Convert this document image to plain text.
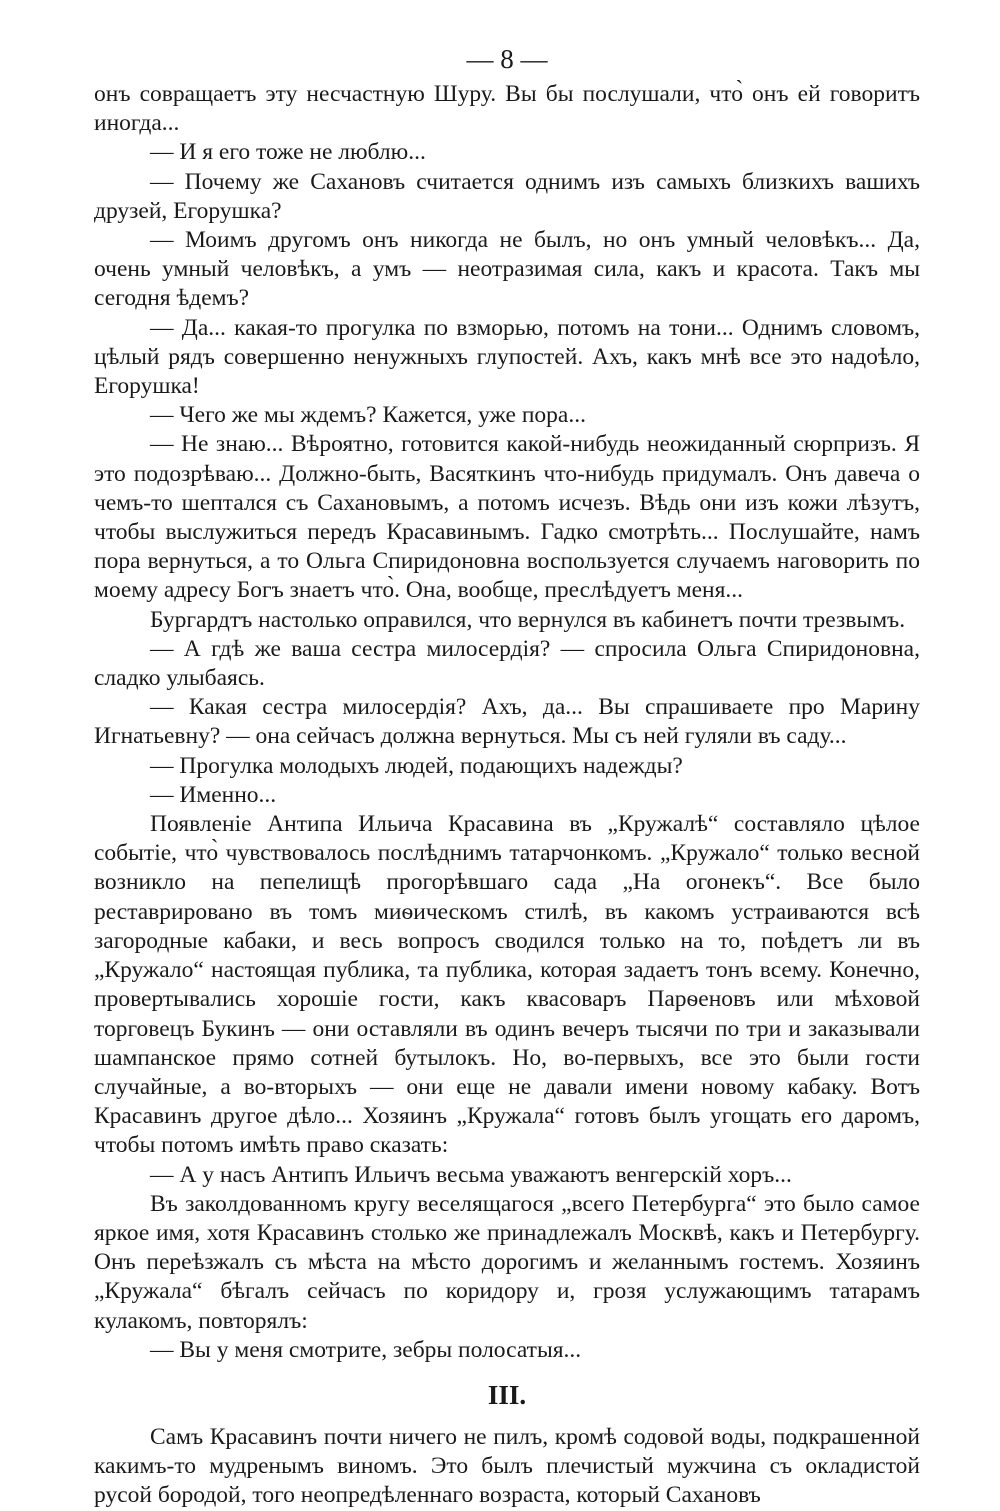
— 8 —

онъ совращаетъ эту несчастную Шуру. Вы бы послушали, что̀ онъ ей говоритъ иногда...

— И я его тоже не люблю...

— Почему же Сахановъ считается однимъ изъ самыхъ близкихъ вашихъ друзей, Егорушка?

— Моимъ другомъ онъ никогда не былъ, но онъ умный человѣкъ... Да, очень умный человѣкъ, а умъ — неотразимая сила, какъ и красота. Такъ мы сегодня ѣдемъ?

— Да... какая-то прогулка по взморью, потомъ на тони... Однимъ словомъ, цѣлый рядъ совершенно ненужныхъ глупостей. Ахъ, какъ мнѣ все это надоѣло, Егорушка!

— Чего же мы ждемъ? Кажется, уже пора...

— Не знаю... Вѣроятно, готовится какой-нибудь неожиданный сюрпризъ. Я это подозрѣваю... Должно-быть, Васяткинъ что-нибудь придумалъ. Онъ давеча о чемъ-то шептался съ Сахановымъ, а потомъ исчезъ. Вѣдь они изъ кожи лѣзутъ, чтобы выслужиться передъ Красавинымъ. Гадко смотрѣть... Послушайте, намъ пора вернуться, а то Ольга Спиридоновна воспользуется случаемъ наговорить по моему адресу Богъ знаетъ что̀. Она, вообще, преслѣдуетъ меня...

Бургардтъ настолько оправился, что вернулся въ кабинетъ почти трезвымъ.

— А гдѣ же ваша сестра милосердія? — спросила Ольга Спиридоновна, сладко улыбаясь.

— Какая сестра милосердія? Ахъ, да... Вы спрашиваете про Марину Игнатьевну? — она сейчасъ должна вернуться. Мы съ ней гуляли въ саду...

— Прогулка молодыхъ людей, подающихъ надежды?

— Именно...

Появленіе Антипа Ильича Красавина въ „Кружалѣ“ составляло цѣлое событіе, что̀ чувствовалось послѣднимъ татарчонкомъ. „Кружало“ только весной возникло на пепелищѣ прогорѣвшаго сада „На огонекъ“. Все было реставрировано въ томъ миѳическомъ стилѣ, въ какомъ устраиваются всѣ загородные кабаки, и весь вопросъ сводился только на то, поѣдетъ ли въ „Кружало“ настоящая публика, та публика, которая задаетъ тонъ всему. Конечно, провертывались хорошіе гости, какъ квасоваръ Парѳеновъ или мѣховой торговецъ Букинъ — они оставляли въ одинъ вечеръ тысячи по три и заказывали шампанское прямо сотней бутылокъ. Но, во-первыхъ, все это были гости случайные, а во-вторыхъ — они еще не давали имени новому кабаку. Вотъ Красавинъ другое дѣло... Хозяинъ „Кружала“ готовъ былъ угощать его даромъ, чтобы потомъ имѣть право сказать:

— А у насъ Антипъ Ильичъ весьма уважаютъ венгерскій хоръ...

Въ заколдованномъ кругу веселящагося „всего Петербурга“ это было самое яркое имя, хотя Красавинъ столько же принадлежалъ Москвѣ, какъ и Петербургу. Онъ переѣзжалъ съ мѣста на мѣсто дорогимъ и желаннымъ гостемъ. Хозяинъ „Кружала“ бѣгалъ сейчасъ по коридору и, грозя услужающимъ татарамъ кулакомъ, повторялъ:

— Вы у меня смотрите, зебры полосатыя...

III.

Самъ Красавинъ почти ничего не пилъ, кромѣ содовой воды, подкрашенной какимъ-то мудренымъ виномъ. Это былъ плечистый мужчина съ окладистой русой бородой, того неопредѣленнаго возраста, который Сахановъ
